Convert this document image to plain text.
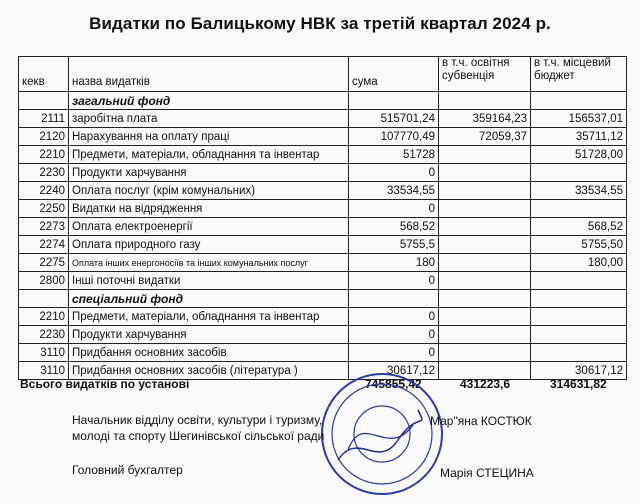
Видатки по Балицькому НВК за третій квартал 2024 р.
кекв	назва видатків	сума	в т.ч. освітня субвенція	в т.ч. місцевий бюджет
	загальний фонд			
2111	заробітна плата	515701,24	359164,23	156537,01
2120	Нарахування на оплату праці	107770,49	72059,37	35711,12
2210	Предмети, матеріали, обладнання та інвентар	51728		51728,00
2230	Продукти харчування	0		
2240	Оплата послуг (крім комунальних)	33534,55		33534,55
2250	Видатки на відрядження	0		
2273	Оплата електроенергії	568,52		568,52
2274	Оплата природного газу	5755,5		5755,50
2275	Оплата інших енергоносіїв та інших комунальних послуг	180		180,00
2800	Інші поточні видатки	0		
	спеціальний фонд			
2210	Предмети, матеріали, обладнання та інвентар	0		
2230	Продукти харчування	0		
3110	Придбання основних засобів	0		
3110	Придбання основних засобів (література )	30617,12		30617,12
Всього видатків по установі	745855,42	431223,6	314631,82
Начальник відділу освіти, культури і туризму,
молоді та спорту Шегинівської сільської ради
Мар"яна КОСТЮК
Головний бухгалтер	Марія СТЕЦИНА
